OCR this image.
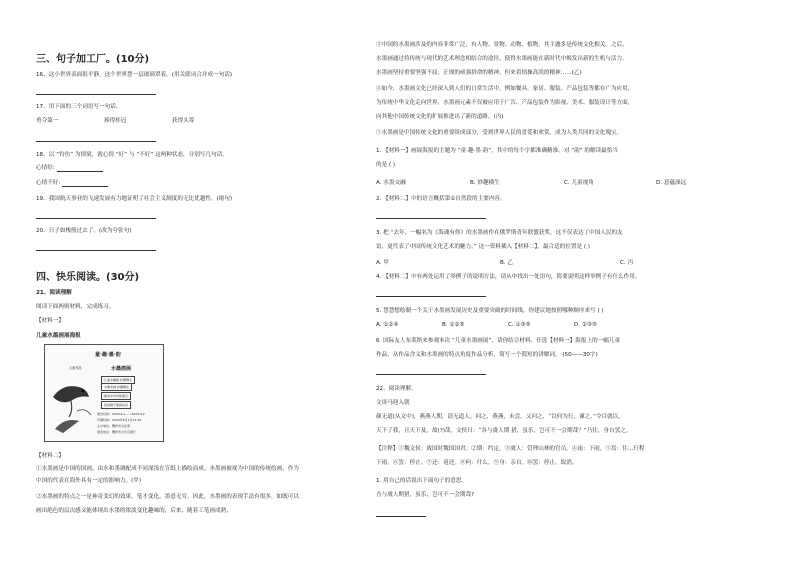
三、句子加工厂。(10分)
16、这小世界表面很平静，这个世界慧一层玻璃罩着。(用关联词合并成一句话)
17、用下面的三个词语写一句话。
勇夺第一	捧得桂冠	获得头筹
18、以 “钓鱼” 为情境，就心情 “好” 与 “不好” 这两种状态，分别写几句话。
心情好:
心情不好:
19、我国航天事业的飞速发展有力地证明了社会主义制度的无比优越性。(缩句)
20、日子如梭般过去了。(改为夸张句)
四、快乐阅读。(30分)
21、阅读理解
阅读下面两则材料，完成练习。
【材料一】
儿童水墨画展海报
童·趣·墨·韵
儿童作品	水墨画展
儿童水墨画 好趣博生
水墨龙城 妙趣横生
携来中华传统瑰宝
绽放稚子童真诗意
展出时间：2023.6.1——2023.6.2
开幕时间：2023年6月1日11:30
主办单位：鹰洋市文化部
展览地点：鹰洋市少年宫展厅
【材料二】
①水墨画是中国的国画，由水和墨调配成不同深浅在宣纸上描绘而成。水墨画被视为中国的传统绘画，作为
中国的代表在海外具有一定的影响力。(甲)
②水墨画的特点之一是神奇变幻的效果，笔才变化，墨意无穷。因此，水墨画的表现手法有很多，如既可以
画出绝色的层次感又能体现出水墨的浓淡变化趣味的，后来，随着工笔画成熟，
③中国的水墨画涉及的内容非常广泛，有人物、景物、动物、植物，其主题多是传统文化相关。之后，
水墨画通过将传统与现代的艺术理念相结合的途径，使得水墨画能在新时代中焕发出新的生机与活力。
水墨画坚持重要坚强不屈；正现的顽强拼命的精神，但来着情操高尚的精神……(乙)
④如今，水墨画文化已经深入到人们的日常生活中，例如餐具、家居、服装、产品包装等都有广为应用，
为传统中华文化走向世界，水墨画元素不仅被应用于广告、产品包装作为影视、美术、服装设计等方面，
向其他中国传统文化的扩展推进出了新的道路。(丙)
⑤水墨画是中国传统文化的重要组成部分，受到世界人民的喜爱和欢赏，成为人类共同的文化瑰宝。
1. 【材料一】画展海报的主题为 “童·趣·墨·韵”，其中的每个字都准确精准。对 “韵” 的解读最恰当
的是 ( )
A. 水墨交融	B. 妙趣横生	C. 儿童视角	D. 意蕴深远
2. 【材料二】中的语言概括第①自然段的主要内容。
3. 把 “去年，一幅名为《海魂有你》的水墨画作在俄罗斯青年联盟获奖。这不仅表达了中国人民的友
谊，更代表了中国传统文化艺术的魅力。” 这一资料插入【材料二】，最合适的位置是 ( )
A. 甲	B. 乙	C. 丙
4. 【材料二】中有两处运用了举例子的说明方法，请从中找出一处语句，简要说明这样举例子有什么作用。
5. 慧慧想绘制一个关于水墨画发展历史及重要突破的时间线，你建议她按照哪种顺序来写 ( )
A. ①②④	B. ①②⑤	C. ①③⑤	D. ②③⑤
6. 国际友人布莱斯来参观本次 “儿童水墨画展”，请你结合材料，任选【材料一】海报上的一幅儿童
作品，从作品含义和水墨画的特点角度作品分析，简写一个简短的讲解词。 (50——30字)
22、阅读理解。
文谈马迎入朝
颜无道(从文中)，燕燕人期，请无道人。问之，燕燕，未尝。又问之，“以何为行，谏之，”令目就以，
天下了我，且天下及，故(?)哉。文侯曰：“各与虞人期 猎，虽乐，岂可不一会期哉？”乃往，身自罢之。
【注释】①魏文侯：战国时魏国国君。②期：约定。③虞人：管理山林的官员。④雨：下雨。⑤焉：往…行程
下雨。⑥罢：停止。⑦还：返还。⑧何：什么。⑨身：亲自。⑩罢：停止，取消。
1. 用自己的话说出下面句子的意思。
吾与虞人期猎，虽乐，岂可不一会期哉?
